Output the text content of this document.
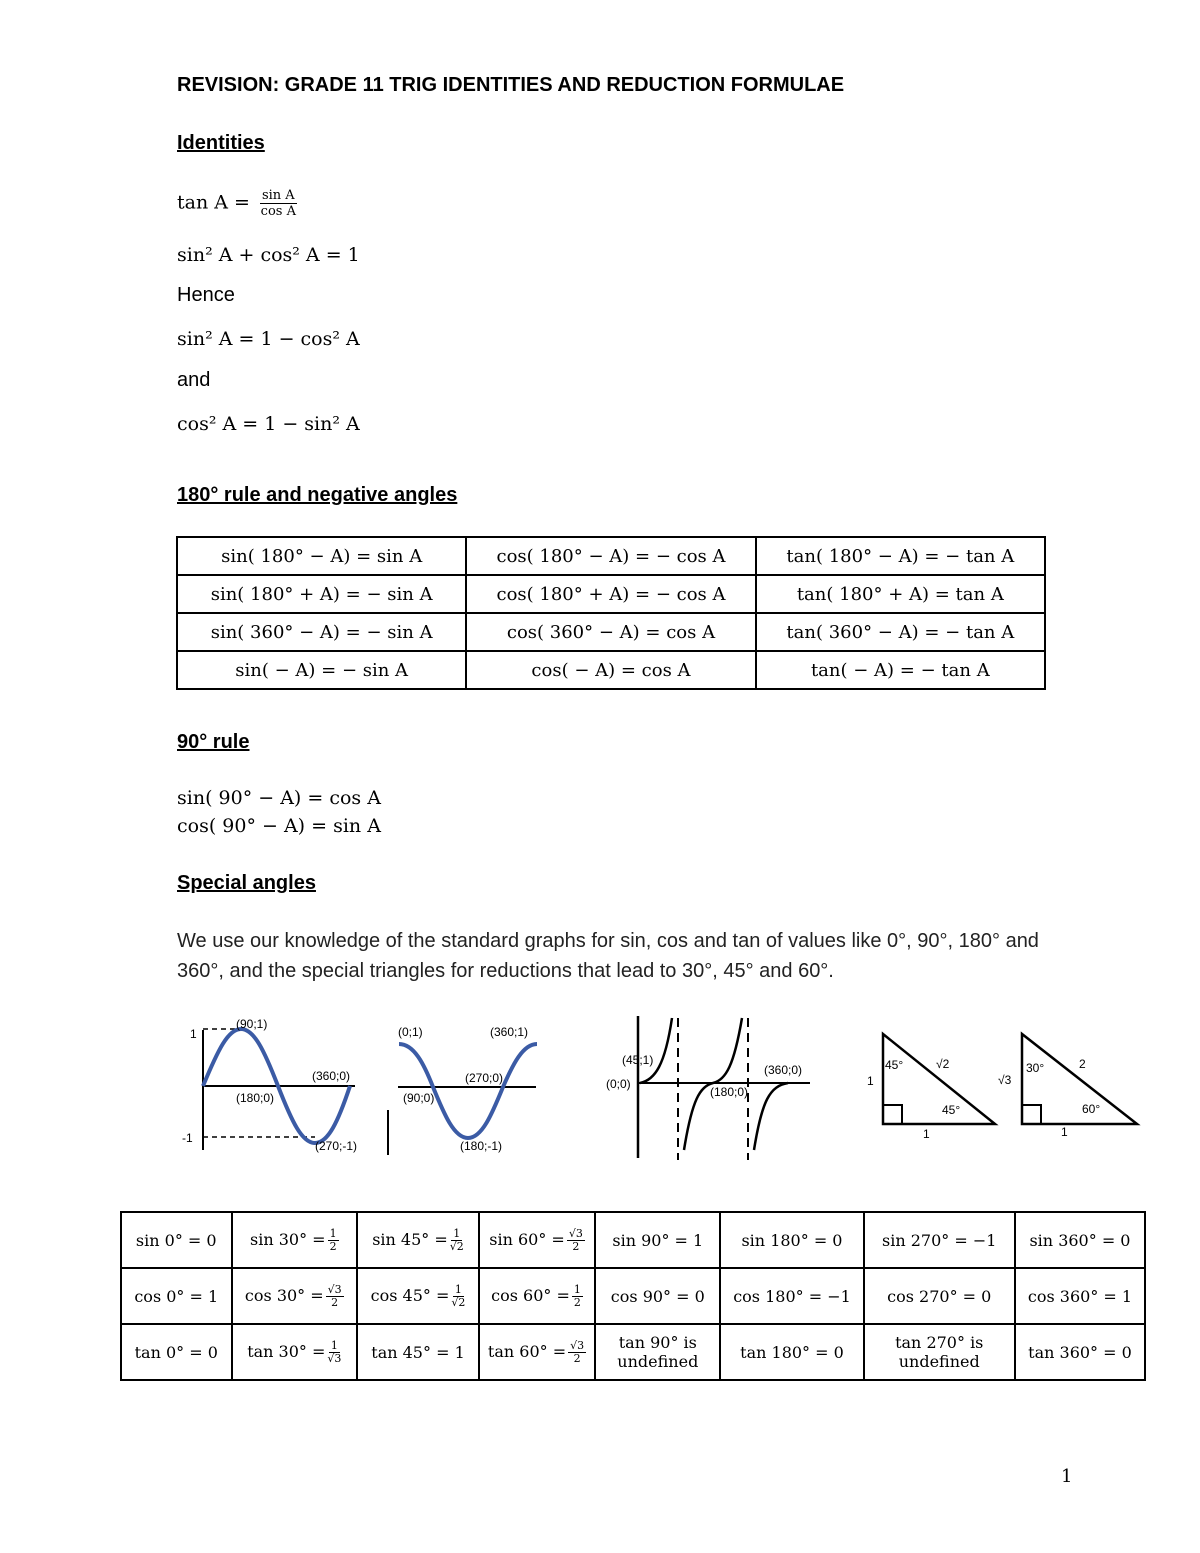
REVISION: GRADE 11 TRIG IDENTITIES AND REDUCTION FORMULAE
Identities
$\tan A = \frac{\text{sin A}}{\text{cos A}}$
sin² A + cos² A = 1
Hence
sin² A = 1 − cos² A
and
cos² A = 1 − sin² A
180° rule and negative angles
sin( 180° − A) = sin A	cos( 180° − A) = − cos A	tan( 180° − A) = − tan A
sin( 180° + A) = − sin A	cos( 180° + A) = − cos A	tan( 180° + A) = tan A
sin( 360° − A) = − sin A	cos( 360° − A) = cos A	tan( 360° − A) = − tan A
sin( − A) = − sin A	cos( − A) = cos A	tan( − A) = − tan A
90° rule
sin( 90° − A) = cos A
cos( 90° − A) = sin A
Special angles
We use our knowledge of the standard graphs for sin, cos and tan of values like 0°, 90°, 180° and 360°, and the special triangles for reductions that lead to 30°, 45° and 60°.
1
-1
(90;1)
(180;0)
(360;0)
(270;-1)
(0;1)	(360;1)
(270;0)
(90;0)
(180;-1)
(45;1)
(0;0)
(180;0)
(360;0)
1
√2
1
45°
45°
√3
2
1
30°
60°
sin 0° = 0	$\sin 30^\circ = \frac{1}{2}$	$\sin 45^\circ = \frac{1}{√2}$	$\sin 60^\circ = \frac{√3}{2}$	sin 90° = 1	sin 180° = 0	sin 270° = −1	sin 360° = 0
cos 0° = 1	$\cos 30^\circ = \frac{√3}{2}$	$\cos 45^\circ = \frac{1}{√2}$	$\cos 60^\circ = \frac{1}{2}$	cos 90° = 0	cos 180° = −1	cos 270° = 0	cos 360° = 1
tan 0° = 0	$\tan 30^\circ = \frac{1}{√3}$	tan 45° = 1	$\tan 60^\circ = \frac{√3}{2}$	tan 90° is undefined	tan 180° = 0	tan 270° is undefined	tan 360° = 0
1
